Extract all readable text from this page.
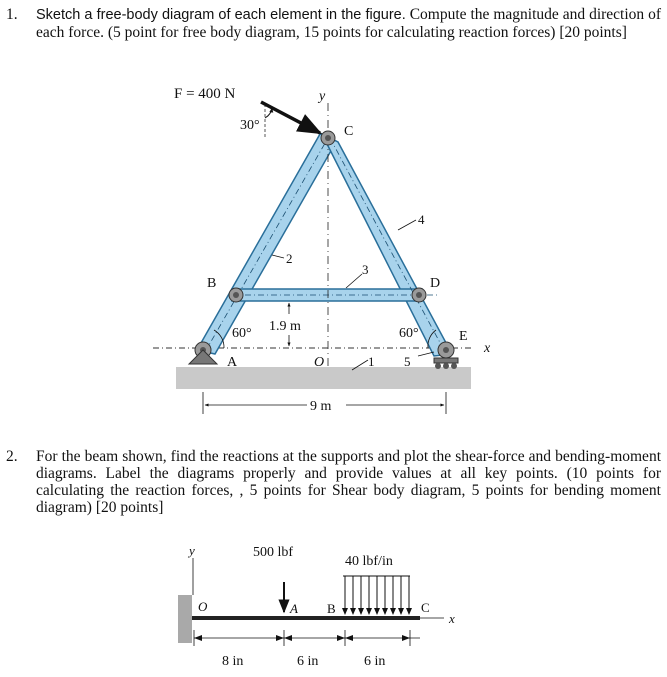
1. Sketch a free-body diagram of each element in the figure. Compute the magnitude and direction of each force. (5 point for free body diagram, 15 points for calculating reaction forces) [20 points]
F = 400 N
30°
y
C
B	D
A
E
O
x
2
4
3
1 5
1.9 m
60°	60°
9 m
y
x
500 lbf
40 lbf/in
O	A B	C
8 in	6 in	6 in
2. For the beam shown, find the reactions at the supports and plot the shear-force and bending-moment diagrams. Label the diagrams properly and provide values at all key points. (10 points for calculating the reaction forces, , 5 points for Shear body diagram, 5 points for bending moment diagram) [20 points]
